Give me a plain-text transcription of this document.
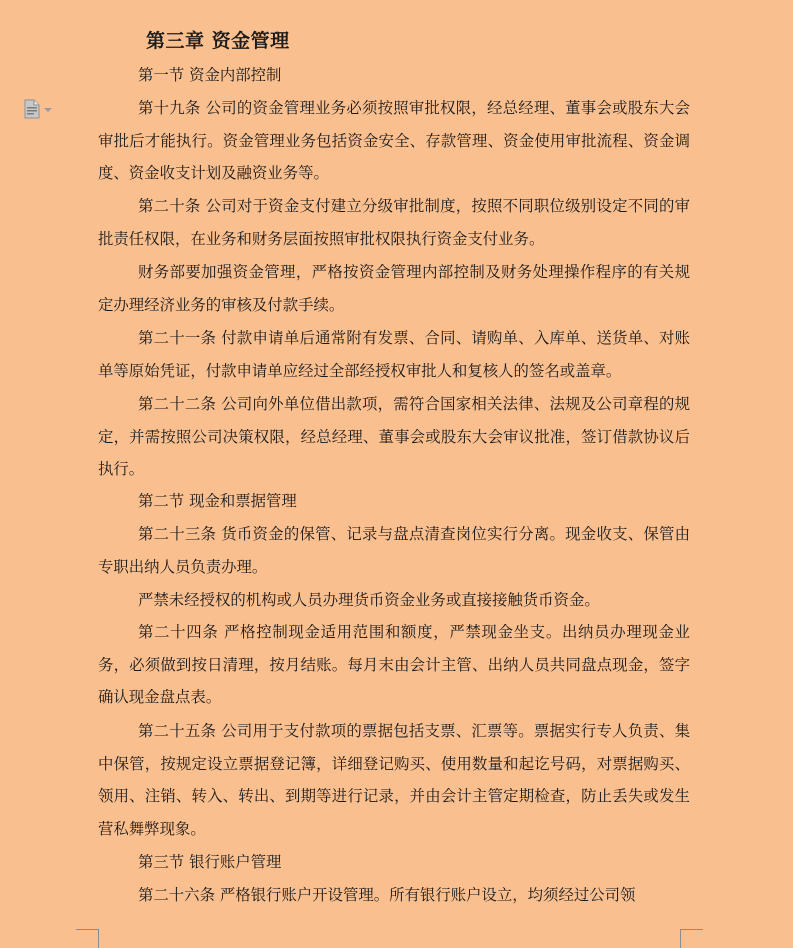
第三章 资金管理

第一节 资金内部控制

第十九条 公司的资金管理业务必须按照审批权限，经总经理、董事会或股东大会审批后才能执行。资金管理业务包括资金安全、存款管理、资金使用审批流程、资金调度、资金收支计划及融资业务等。

第二十条 公司对于资金支付建立分级审批制度，按照不同职位级别设定不同的审批责任权限，在业务和财务层面按照审批权限执行资金支付业务。

财务部要加强资金管理，严格按资金管理内部控制及财务处理操作程序的有关规定办理经济业务的审核及付款手续。

第二十一条 付款申请单后通常附有发票、合同、请购单、入库单、送货单、对账单等原始凭证，付款申请单应经过全部经授权审批人和复核人的签名或盖章。

第二十二条 公司向外单位借出款项，需符合国家相关法律、法规及公司章程的规定，并需按照公司决策权限，经总经理、董事会或股东大会审议批准，签订借款协议后执行。

第二节 现金和票据管理

第二十三条 货币资金的保管、记录与盘点清查岗位实行分离。现金收支、保管由专职出纳人员负责办理。

严禁未经授权的机构或人员办理货币资金业务或直接接触货币资金。

第二十四条 严格控制现金适用范围和额度，严禁现金坐支。出纳员办理现金业务，必须做到按日清理，按月结账。每月末由会计主管、出纳人员共同盘点现金，签字确认现金盘点表。

第二十五条 公司用于支付款项的票据包括支票、汇票等。票据实行专人负责、集中保管，按规定设立票据登记簿，详细登记购买、使用数量和起讫号码，对票据购买、领用、注销、转入、转出、到期等进行记录，并由会计主管定期检查，防止丢失或发生营私舞弊现象。

第三节 银行账户管理

第二十六条 严格银行账户开设管理。所有银行账户设立，均须经过公司领
